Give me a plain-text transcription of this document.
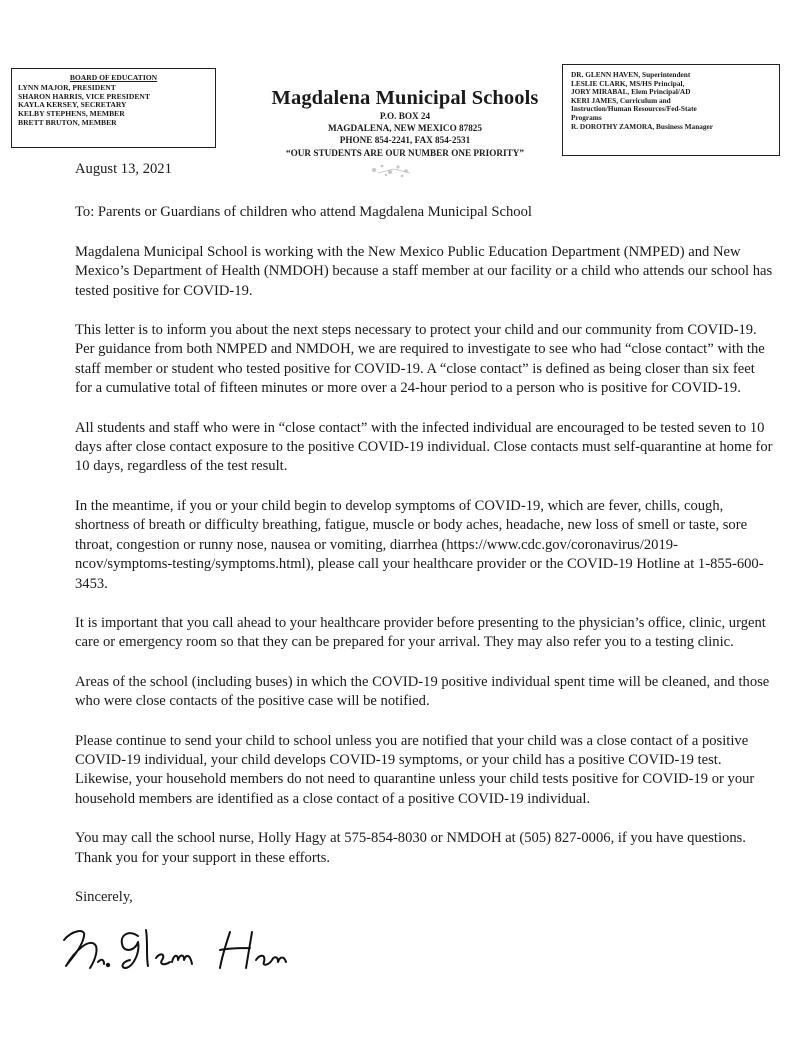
BOARD OF EDUCATION
LYNN MAJOR, PRESIDENT
SHARON HARRIS, VICE PRESIDENT
KAYLA KERSEY, SECRETARY
KELBY STEPHENS, MEMBER
BRETT BRUTON, MEMBER
Magdalena Municipal Schools
P.O. BOX 24
MAGDALENA, NEW MEXICO 87825
PHONE 854-2241, FAX 854-2531
“OUR STUDENTS ARE OUR NUMBER ONE PRIORITY”
DR. GLENN HAVEN, Superintendent
LESLIE CLARK, MS/HS Principal,
JORY MIRABAL, Elem Principal/AD
KERI JAMES, Curriculum and
Instruction/Human Resources/Fed-State
Programs
R. DOROTHY ZAMORA, Business Manager

August 13, 2021

To: Parents or Guardians of children who attend Magdalena Municipal School

Magdalena Municipal School is working with the New Mexico Public Education Department (NMPED) and New Mexico’s Department of Health (NMDOH) because a staff member at our facility or a child who attends our school has tested positive for COVID-19.

This letter is to inform you about the next steps necessary to protect your child and our community from COVID-19. Per guidance from both NMPED and NMDOH, we are required to investigate to see who had “close contact” with the staff member or student who tested positive for COVID-19. A “close contact” is defined as being closer than six feet for a cumulative total of fifteen minutes or more over a 24-hour period to a person who is positive for COVID-19.

All students and staff who were in “close contact” with the infected individual are encouraged to be tested seven to 10 days after close contact exposure to the positive COVID-19 individual. Close contacts must self-quarantine at home for 10 days, regardless of the test result.

In the meantime, if you or your child begin to develop symptoms of COVID-19, which are fever, chills, cough, shortness of breath or difficulty breathing, fatigue, muscle or body aches, headache, new loss of smell or taste, sore throat, congestion or runny nose, nausea or vomiting, diarrhea (https://www.cdc.gov/coronavirus/2019-ncov/symptoms-testing/symptoms.html), please call your healthcare provider or the COVID-19 Hotline at 1-855-600-3453.

It is important that you call ahead to your healthcare provider before presenting to the physician’s office, clinic, urgent care or emergency room so that they can be prepared for your arrival. They may also refer you to a testing clinic.

Areas of the school (including buses) in which the COVID-19 positive individual spent time will be cleaned, and those who were close contacts of the positive case will be notified.

Please continue to send your child to school unless you are notified that your child was a close contact of a positive COVID-19 individual, your child develops COVID-19 symptoms, or your child has a positive COVID-19 test. Likewise, your household members do not need to quarantine unless your child tests positive for COVID-19 or your household members are identified as a close contact of a positive COVID-19 individual.

You may call the school nurse, Holly Hagy at 575-854-8030 or NMDOH at (505) 827-0006, if you have questions. Thank you for your support in these efforts.

Sincerely,
